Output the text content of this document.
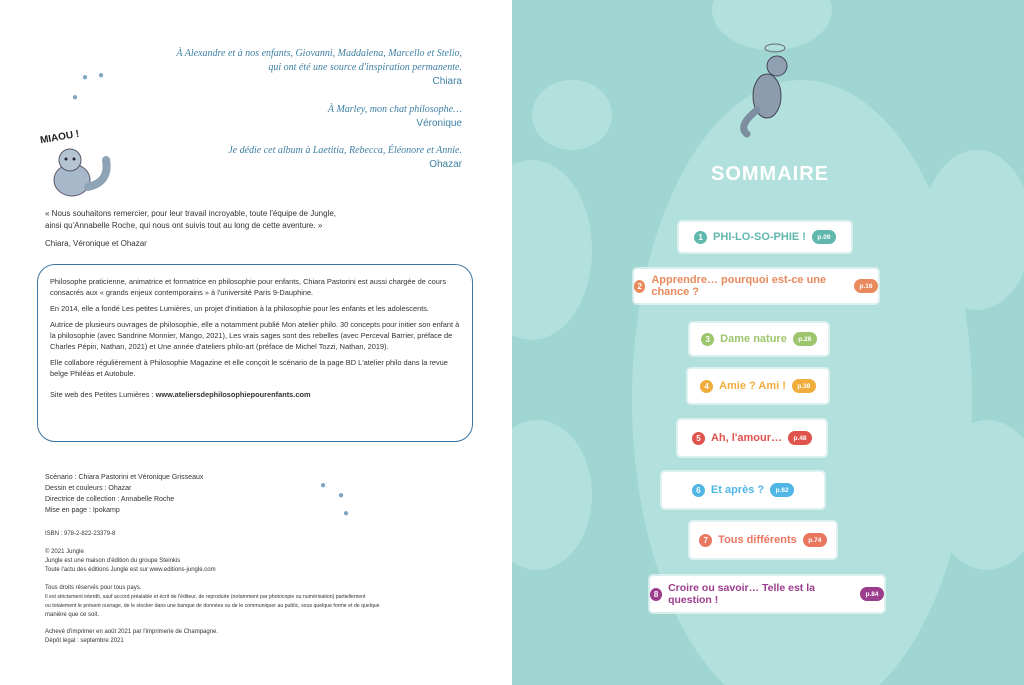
À Alexandre et à nos enfants, Giovanni, Maddalena, Marcello et Stelio,
qui ont été une source d'inspiration permanente.
Chiara
À Marley, mon chat philosophe…
Véronique
Je dédie cet album à Laetitia, Rebecca, Éléonore et Annie.
Ohazar
● ●
●
MIAOU !
« Nous souhaitons remercier, pour leur travail incroyable, toute l'équipe de Jungle,
ainsi qu'Annabelle Roche, qui nous ont suivis tout au long de cette aventure. »
Chiara, Véronique et Ohazar

Philosophe praticienne, animatrice et formatrice en philosophie pour enfants, Chiara Pastorini est aussi chargée de cours consacrés aux « grands enjeux contemporains » à l'université Paris 9-Dauphine.

En 2014, elle a fondé Les petites Lumières, un projet d'initiation à la philosophie pour les enfants et les adolescents.

Autrice de plusieurs ouvrages de philosophie, elle a notamment publié Mon atelier philo. 30 concepts pour initier son enfant à la philosophie (avec Sandrine Monnier, Mango, 2021), Les vrais sages sont des rebelles (avec Perceval Barrier, préface de Charles Pépin, Nathan, 2021) et Une année d'ateliers philo-art (préface de Michel Tozzi, Nathan, 2019).

Elle collabore régulièrement à Philosophie Magazine et elle conçoit le scénario de la page BD L'atelier philo dans la revue belge Philéas et Autobule.

Site web des Petites Lumières : www.ateliersdephilosophiepourenfants.com

Scénario : Chiara Pastorini et Véronique Grisseaux
Dessin et couleurs : Ohazar
Directrice de collection : Annabelle Roche
Mise en page : Ipokamp
●
●
●
ISBN : 978-2-822-23379-8
© 2021 Jungle
Jungle est une maison d'édition du groupe Steinkis
Toute l'actu des éditions Jungle est sur www.editions-jungle.com
Tous droits réservés pour tous pays.
Il est strictement interdit, sauf accord préalable et écrit de l'éditeur, de reproduire (notamment par photocopie ou numérisation) partiellement
ou totalement le présent ouvrage, de le stocker dans une banque de données ou de le communiquer au public, sous quelque forme et de quelque
manière que ce soit.
Achevé d'imprimer en août 2021 par l'imprimerie de Champagne.
Dépôt légal : septembre 2021
SOMMAIRE
1 PHI-LO-SO-PHIE !	p.09
2 Apprendre… pourquoi est-ce une chance ?	p.16
3 Dame nature	p.26
4 Amie ? Ami !	p.38
5 Ah, l'amour…	p.48
6 Et après ?	p.62
7 Tous différents	p.74
8 Croire ou savoir… Telle est la question !	p.84
